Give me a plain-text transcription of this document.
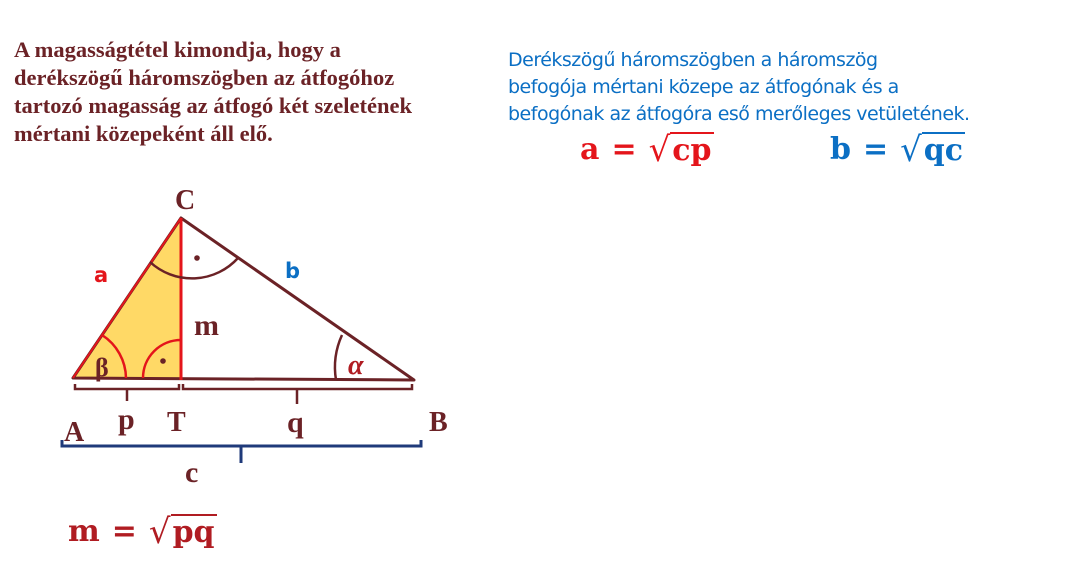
A magasságtétel kimondja, hogy a
derékszögű háromszögben az átfogóhoz
tartozó magasság az átfogó két szeletének
mértani közepeként áll elő.
Derékszögű háromszögben a háromszög
befogója mértani közepe az átfogónak és a
befogónak az átfogóra eső merőleges vetületének.
a = √ cp	b = √ qc
m = √ pq
C
A	B
T
a	b
m
p	q
c
β	α
